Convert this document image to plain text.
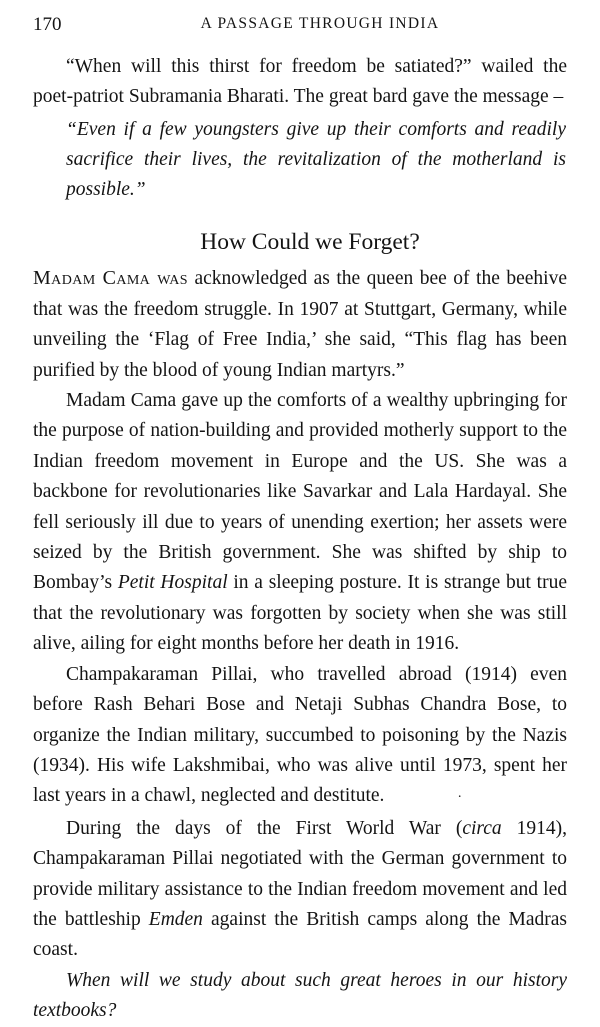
170	A PASSAGE THROUGH INDIA

“When will this thirst for freedom be satiated?” wailed the poet-patriot Subramania Bharati. The great bard gave the message –

“Even if a few youngsters give up their comforts and readily sacrifice their lives, the revitalization of the motherland is possible.”

How Could we Forget?

Madam Cama was acknowledged as the queen bee of the beehive that was the freedom struggle. In 1907 at Stuttgart, Germany, while unveiling the ‘Flag of Free India,’ she said, “This flag has been purified by the blood of young Indian martyrs.”

Madam Cama gave up the comforts of a wealthy upbringing for the purpose of nation-building and provided motherly support to the Indian freedom movement in Europe and the US. She was a backbone for revolutionaries like Savarkar and Lala Hardayal. She fell seriously ill due to years of unending exertion; her assets were seized by the British government. She was shifted by ship to Bombay’s Petit Hospital in a sleeping posture. It is strange but true that the revolutionary was forgotten by society when she was still alive, ailing for eight months before her death in 1916.

Champakaraman Pillai, who travelled abroad (1914) even before Rash Behari Bose and Netaji Subhas Chandra Bose, to organize the Indian military, succumbed to poisoning by the Nazis (1934). His wife Lakshmibai, who was alive until 1973, spent her last years in a chawl, neglected and destitute.	·

During the days of the First World War (circa 1914), Champakaraman Pillai negotiated with the German government to provide military assistance to the Indian freedom movement and led the battleship Emden against the British camps along the Madras coast.

When will we study about such great heroes in our history textbooks?
